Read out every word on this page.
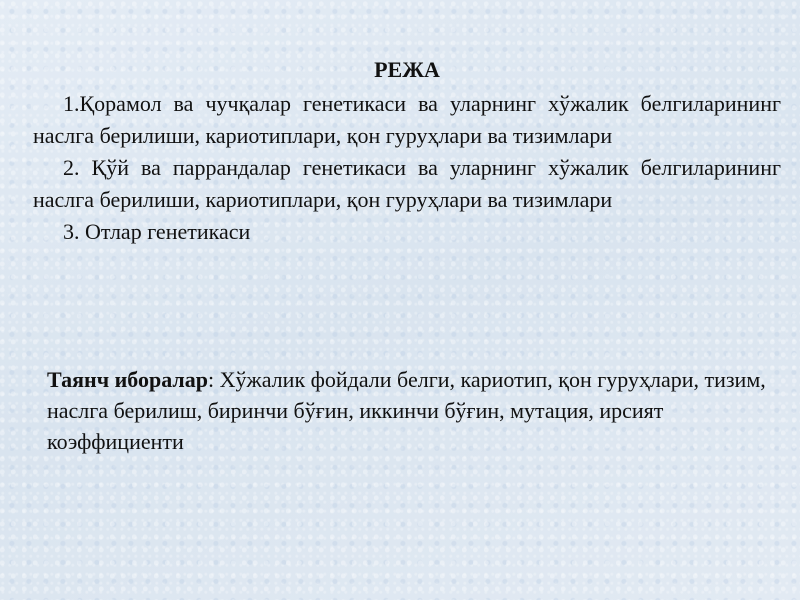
РЕЖА

1.Қорамол ва чучқалар генетикаси ва уларнинг хўжалик белгиларининг наслга берилиши, кариотиплари, қон гуруҳлари ва тизимлари

2. Қўй ва паррандалар генетикаси ва уларнинг хўжалик белгиларининг наслга берилиши, кариотиплари, қон гуруҳлари ва тизимлари

3. Отлар генетикаси

Таянч иборалар: Хўжалик фойдали белги, кариотип, қон гуруҳлари, тизим, наслга берилиш, биринчи бўғин, иккинчи бўғин, мутация, ирсият коэффициенти
